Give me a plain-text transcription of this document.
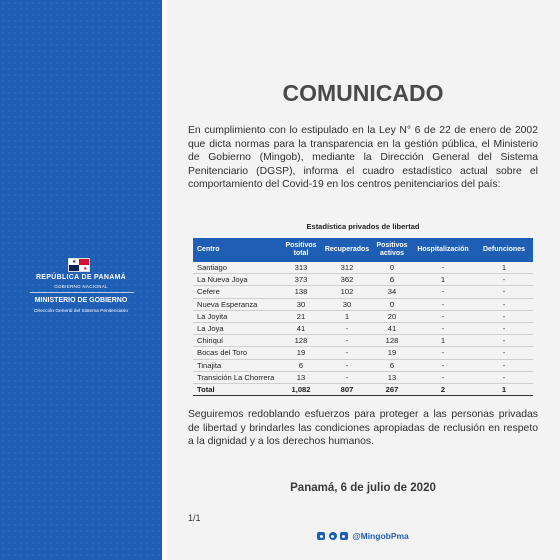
★
★
REPÚBLICA DE PANAMÁ
GOBIERNO NACIONAL
MINISTERIO DE GOBIERNO
Dirección General del Sistema Penitenciario
COMUNICADO

En cumplimiento con lo estipulado en la Ley N° 6 de 22 de enero de 2002 que dicta normas para la transparencia en la gestión pública, el Ministerio de Gobierno (Mingob), mediante la Dirección General del Sistema Penitenciario (DGSP), informa el cuadro estadístico actual sobre el comportamiento del Covid-19 en los centros penitenciarios del país:

Estadística privados de libertad
Centro	Positivos total	Recuperados	Positivos activos	Hospitalización	Defunciones
Santiago	313	312	0	-	1
La Nueva Joya	373	362	6	1	-
Cefere	138	102	34	-	-
Nueva Esperanza	30	30	0	-	-
La Joyita	21	1	20	-	-
La Joya	41	-	41	-	-
Chiriquí	128	-	128	1	-
Bocas del Toro	19	-	19	-	-
Tinajita	6	-	6	-	-
Transición La Chorrera	13	-	13	-	-
Total	1,082	807	267	2	1

Seguiremos redoblando esfuerzos para proteger a las personas privadas de libertad y brindarles las condiciones apropiadas de reclusión en respeto a la dignidad y a los derechos humanos.

Panamá, 6 de julio de 2020
1/1
@MingobPma
